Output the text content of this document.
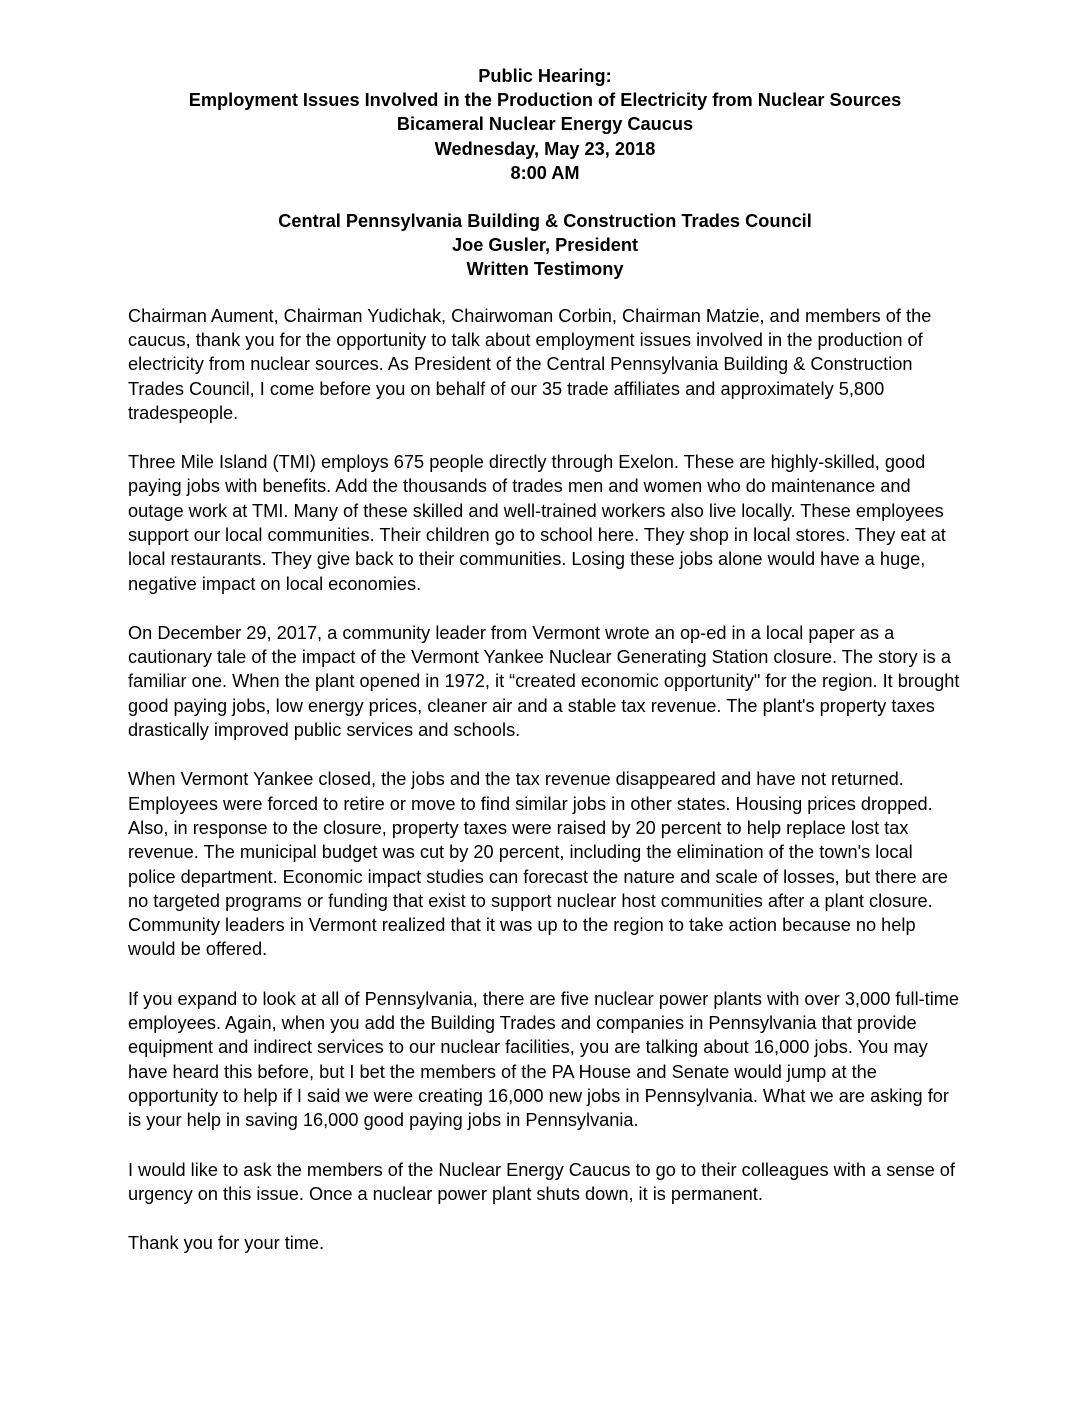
Public Hearing:
Employment Issues Involved in the Production of Electricity from Nuclear Sources
Bicameral Nuclear Energy Caucus
Wednesday, May 23, 2018
8:00 AM
Central Pennsylvania Building & Construction Trades Council
Joe Gusler, President
Written Testimony

Chairman Aument, Chairman Yudichak, Chairwoman Corbin, Chairman Matzie, and members of the caucus, thank you for the opportunity to talk about employment issues involved in the production of electricity from nuclear sources. As President of the Central Pennsylvania Building & Construction Trades Council, I come before you on behalf of our 35 trade affiliates and approximately 5,800 tradespeople.

Three Mile Island (TMI) employs 675 people directly through Exelon. These are highly-skilled, good paying jobs with benefits. Add the thousands of trades men and women who do maintenance and outage work at TMI. Many of these skilled and well-trained workers also live locally. These employees support our local communities. Their children go to school here. They shop in local stores. They eat at local restaurants. They give back to their communities. Losing these jobs alone would have a huge, negative impact on local economies.

On December 29, 2017, a community leader from Vermont wrote an op-ed in a local paper as a cautionary tale of the impact of the Vermont Yankee Nuclear Generating Station closure. The story is a familiar one. When the plant opened in 1972, it “created economic opportunity" for the region. It brought good paying jobs, low energy prices, cleaner air and a stable tax revenue. The plant's property taxes drastically improved public services and schools.

When Vermont Yankee closed, the jobs and the tax revenue disappeared and have not returned. Employees were forced to retire or move to find similar jobs in other states. Housing prices dropped. Also, in response to the closure, property taxes were raised by 20 percent to help replace lost tax revenue. The municipal budget was cut by 20 percent, including the elimination of the town's local police department. Economic impact studies can forecast the nature and scale of losses, but there are no targeted programs or funding that exist to support nuclear host communities after a plant closure. Community leaders in Vermont realized that it was up to the region to take action because no help would be offered.

If you expand to look at all of Pennsylvania, there are five nuclear power plants with over 3,000 full-time employees. Again, when you add the Building Trades and companies in Pennsylvania that provide equipment and indirect services to our nuclear facilities, you are talking about 16,000 jobs. You may have heard this before, but I bet the members of the PA House and Senate would jump at the opportunity to help if I said we were creating 16,000 new jobs in Pennsylvania. What we are asking for is your help in saving 16,000 good paying jobs in Pennsylvania.

I would like to ask the members of the Nuclear Energy Caucus to go to their colleagues with a sense of urgency on this issue. Once a nuclear power plant shuts down, it is permanent.

Thank you for your time.
